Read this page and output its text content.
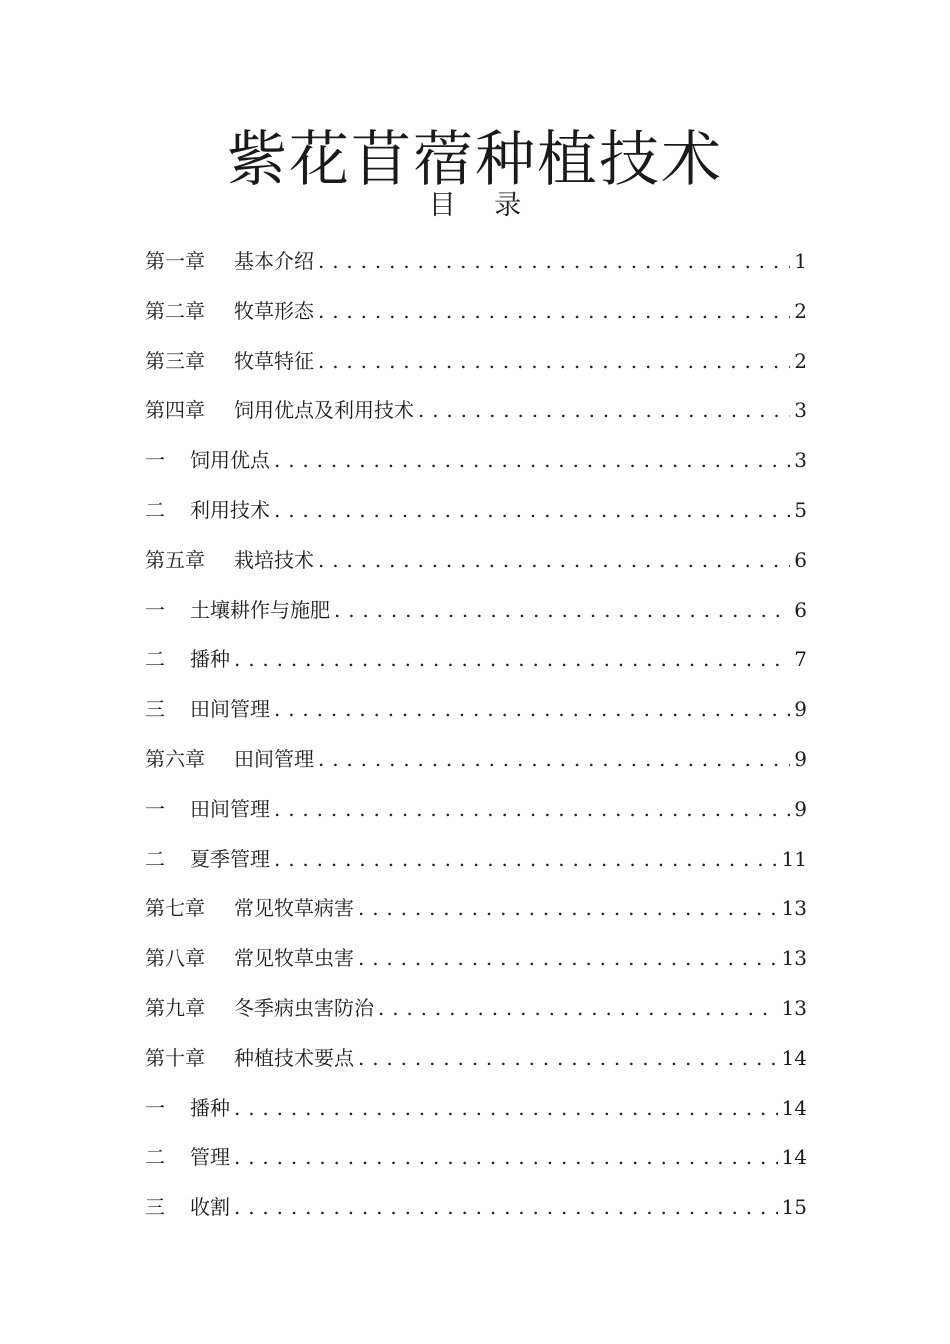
紫花苜蓿种植技术
目 录
第一章	基本介绍 . . .	1
第二章	牧草形态 . . .	2
第三章	牧草特征 . . .	2
第四章	饲用优点及利用技术 . . .	3
一	饲用优点 . . .	3
二	利用技术 . . .	5
第五章	栽培技术 . . .	6
一	土壤耕作与施肥 . . .	6
二	播种 . . .	7
三	田间管理 . . .	9
第六章	田间管理 . . .	9
一	田间管理 . . .	9
二	夏季管理 . . .	11
第七章	常见牧草病害 . . .	13
第八章	常见牧草虫害 . . .	13
第九章	冬季病虫害防治 . . .	13
第十章	种植技术要点 . . .	14
一	播种 . . .	14
二	管理 . . .	14
三	收割 . . .	15
